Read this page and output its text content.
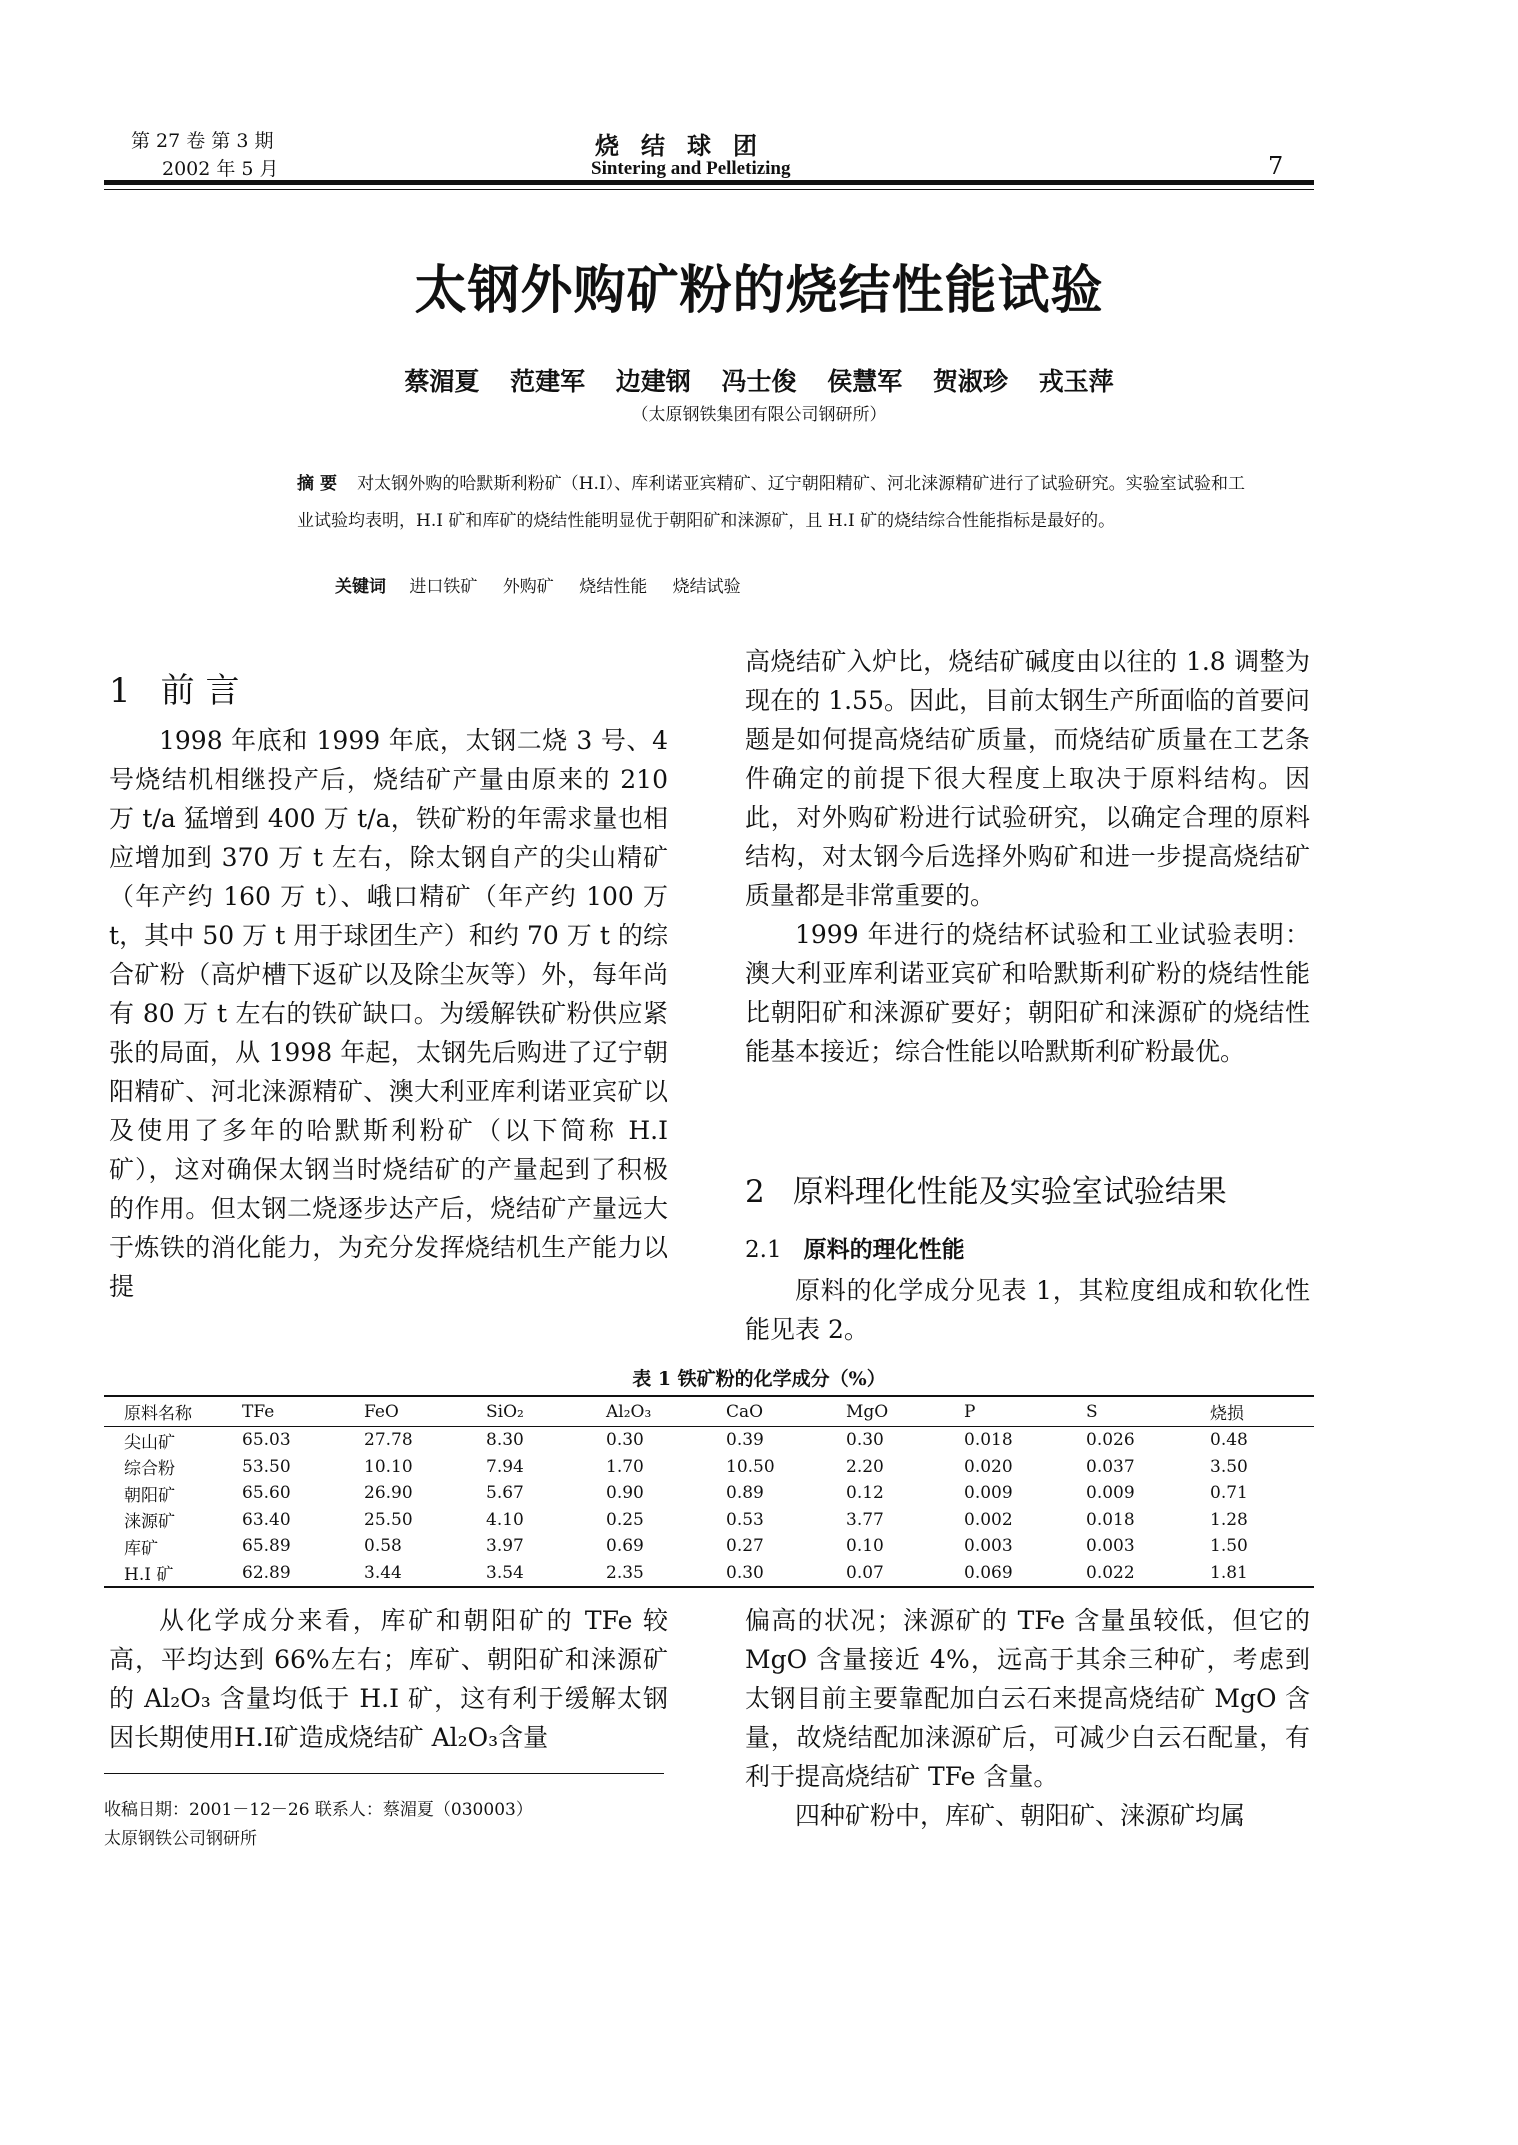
第 27 卷 第 3 期
2002 年 5 月
烧结球团
Sintering and Pelletizing	7
太钢外购矿粉的烧结性能试验
蔡湄夏 范建军 边建钢 冯士俊 侯慧军 贺淑珍 戎玉萍
（太原钢铁集团有限公司钢研所）
摘 要 对太钢外购的哈默斯利粉矿（H.I）、库利诺亚宾精矿、辽宁朝阳精矿、河北涞源精矿进行了试验研究。实验室试验和工业试验均表明，H.I 矿和库矿的烧结性能明显优于朝阳矿和涞源矿，且 H.I 矿的烧结综合性能指标是最好的。
关键词 进口铁矿 外购矿 烧结性能 烧结试验
1 前 言

1998 年底和 1999 年底，太钢二烧 3 号、4 号烧结机相继投产后，烧结矿产量由原来的 210 万 t/a 猛增到 400 万 t/a，铁矿粉的年需求量也相应增加到 370 万 t 左右，除太钢自产的尖山精矿（年产约 160 万 t）、峨口精矿（年产约 100 万 t，其中 50 万 t 用于球团生产）和约 70 万 t 的综合矿粉（高炉槽下返矿以及除尘灰等）外，每年尚有 80 万 t 左右的铁矿缺口。为缓解铁矿粉供应紧张的局面，从 1998 年起，太钢先后购进了辽宁朝阳精矿、河北涞源精矿、澳大利亚库利诺亚宾矿以及使用了多年的哈默斯利粉矿（以下简称 H.I 矿），这对确保太钢当时烧结矿的产量起到了积极的作用。但太钢二烧逐步达产后，烧结矿产量远大于炼铁的消化能力，为充分发挥烧结机生产能力以提

高烧结矿入炉比，烧结矿碱度由以往的 1.8 调整为现在的 1.55。因此，目前太钢生产所面临的首要问题是如何提高烧结矿质量，而烧结矿质量在工艺条件确定的前提下很大程度上取决于原料结构。因此，对外购矿粉进行试验研究，以确定合理的原料结构，对太钢今后选择外购矿和进一步提高烧结矿质量都是非常重要的。

1999 年进行的烧结杯试验和工业试验表明：澳大利亚库利诺亚宾矿和哈默斯利矿粉的烧结性能比朝阳矿和涞源矿要好；朝阳矿和涞源矿的烧结性能基本接近；综合性能以哈默斯利矿粉最优。

2 原料理化性能及实验室试验结果
2.1 原料的理化性能

原料的化学成分见表 1，其粒度组成和软化性能见表 2。

表 1 铁矿粉的化学成分（%）
原料名称	TFe	FeO	SiO₂	Al₂O₃	CaO	MgO	P	S	烧损
尖山矿	65.03	27.78	8.30	0.30	0.39	0.30	0.018	0.026	0.48
综合粉	53.50	10.10	7.94	1.70	10.50	2.20	0.020	0.037	3.50
朝阳矿	65.60	26.90	5.67	0.90	0.89	0.12	0.009	0.009	0.71
涞源矿	63.40	25.50	4.10	0.25	0.53	3.77	0.002	0.018	1.28
库矿	65.89	0.58	3.97	0.69	0.27	0.10	0.003	0.003	1.50
H.I 矿	62.89	3.44	3.54	2.35	0.30	0.07	0.069	0.022	1.81

从化学成分来看，库矿和朝阳矿的 TFe 较高，平均达到 66%左右；库矿、朝阳矿和涞源矿的 Al₂O₃ 含量均低于 H.I 矿，这有利于缓解太钢因长期使用H.I矿造成烧结矿 Al₂O₃含量

偏高的状况；涞源矿的 TFe 含量虽较低，但它的 MgO 含量接近 4%，远高于其余三种矿，考虑到太钢目前主要靠配加白云石来提高烧结矿 MgO 含量，故烧结配加涞源矿后，可减少白云石配量，有利于提高烧结矿 TFe 含量。

四种矿粉中，库矿、朝阳矿、涞源矿均属

收稿日期：2001－12－26 联系人：蔡湄夏（030003）
太原钢铁公司钢研所
